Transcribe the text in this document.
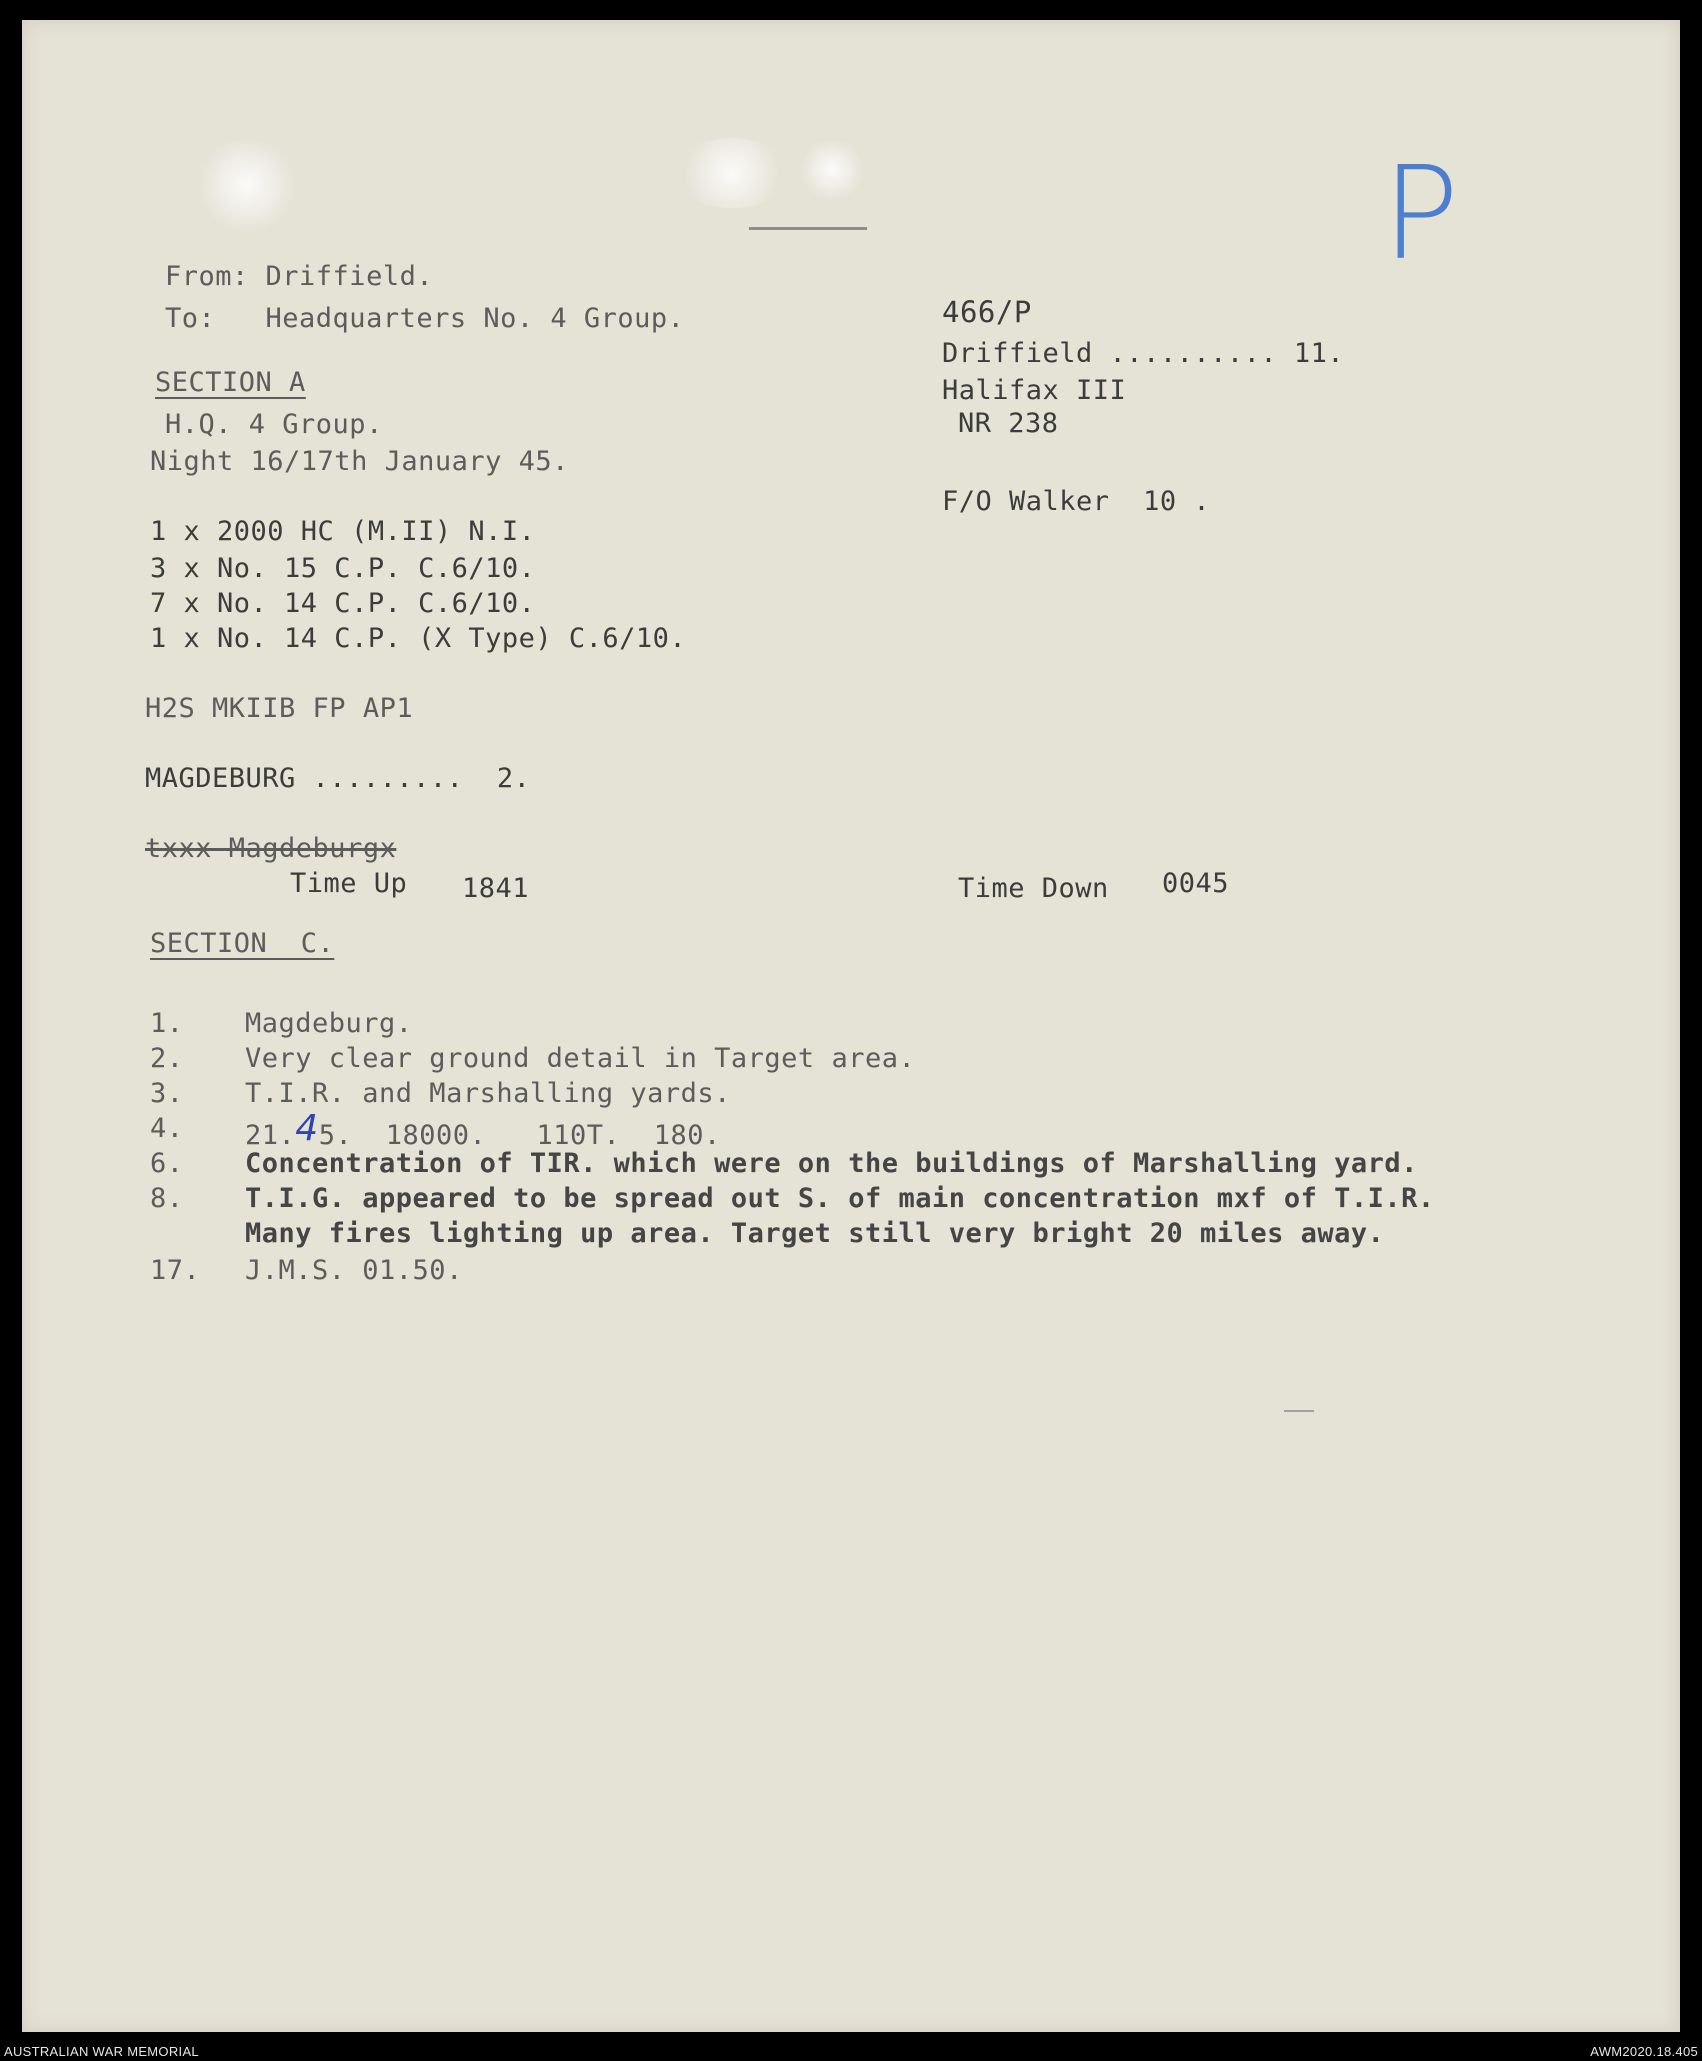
P
From: Driffield.
To:   Headquarters No. 4 Group.	466/P
Driffield .......... 11.
Halifax III
NR 238
F/O Walker  10 .
SECTION A
H.Q. 4 Group.
Night 16/17th January 45.
1 x 2000 HC (M.II) N.I.
3 x No. 15 C.P. C.6/10.
7 x No. 14 C.P. C.6/10.
1 x No. 14 C.P. (X Type) C.6/10.
H2S MKIIB FP AP1
MAGDEBURG .........  2.
txxx Magdeburgx
Time Up 1841	Time Down 0045
SECTION  C.
1. Magdeburg.
2. Very clear ground detail in Target area.
3. T.I.R. and Marshalling yards.
4. 21.45.  18000.   110T.  180.
6. Concentration of TIR. which were on the buildings of Marshalling yard.
8. T.I.G. appeared to be spread out S. of main concentration mxf of T.I.R.
Many fires lighting up area. Target still very bright 20 miles away.
17. J.M.S. 01.50.
AUSTRALIAN WAR MEMORIAL	AWM2020.18.405
